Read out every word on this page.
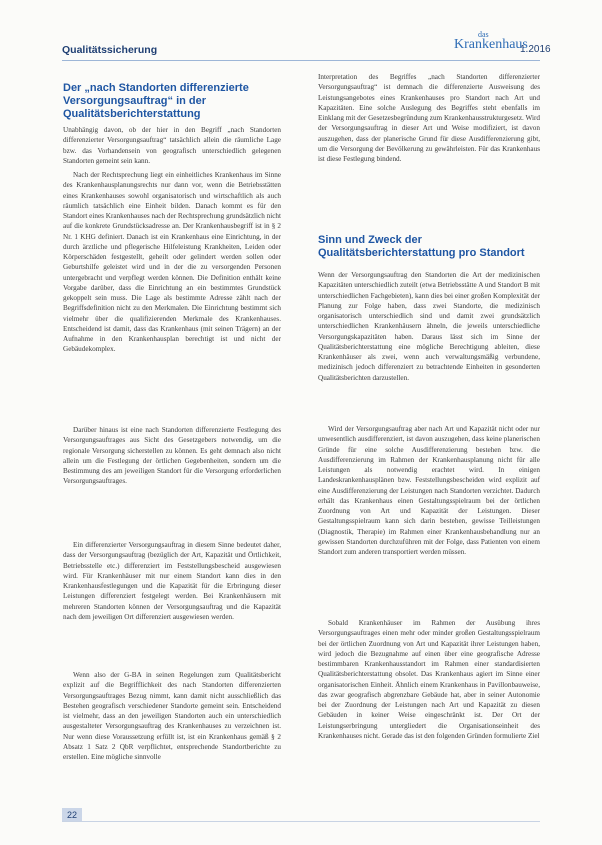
Qualitätssicherung
das
Krankenhaus
1.2016
Der „nach Standorten differenzierte Versorgungsauftrag“ in der Qualitätsberichterstattung

Unabhängig davon, ob der hier in den Begriff „nach Standorten differenzierter Versorgungsauftrag“ tatsächlich allein die räumliche Lage bzw. das Vorhandensein von geografisch unterschiedlich gelegenen Standorten gemeint sein kann.

Nach der Rechtsprechung liegt ein einheitliches Krankenhaus im Sinne des Krankenhausplanungsrechts nur dann vor, wenn die Betriebsstätten eines Krankenhauses sowohl organisatorisch und wirtschaftlich als auch räumlich tatsächlich eine Einheit bilden. Danach kommt es für den Standort eines Krankenhauses nach der Rechtsprechung grundsätzlich nicht auf die konkrete Grundstücksadresse an. Der Krankenhausbegriff ist in § 2 Nr. 1 KHG definiert. Danach ist ein Krankenhaus eine Einrichtung, in der durch ärztliche und pflegerische Hilfeleistung Krankheiten, Leiden oder Körperschäden festgestellt, geheilt oder gelindert werden sollen oder Geburtshilfe geleistet wird und in der die zu versorgenden Personen untergebracht und verpflegt werden können. Die Definition enthält keine Vorgabe darüber, dass die Einrichtung an ein bestimmtes Grundstück gekoppelt sein muss. Die Lage als bestimmte Adresse zählt nach der Begriffsdefinition nicht zu den Merkmalen. Die Einrichtung bestimmt sich vielmehr über die qualifizierenden Merkmale des Krankenhauses. Entscheidend ist damit, dass das Krankenhaus (mit seinen Trägern) an der Aufnahme in den Krankenhausplan berechtigt ist und nicht der Gebäudekomplex.

Darüber hinaus ist eine nach Standorten differenzierte Festlegung des Versorgungsauftrages aus Sicht des Gesetzgebers notwendig, um die regionale Versorgung sicherstellen zu können. Es geht demnach also nicht allein um die Festlegung der örtlichen Gegebenheiten, sondern um die Bestimmung des am jeweiligen Standort für die Versorgung erforderlichen Versorgungsauftrages.

Ein differenzierter Versorgungsauftrag in diesem Sinne bedeutet daher, dass der Versorgungsauftrag (bezüglich der Art, Kapazität und Örtlichkeit, Betriebsstelle etc.) differenziert im Feststellungsbescheid ausgewiesen wird. Für Krankenhäuser mit nur einem Standort kann dies in den Krankenhausfestlegungen und die Kapazität für die Erbringung dieser Leistungen differenziert festgelegt werden. Bei Krankenhäusern mit mehreren Standorten können der Versorgungsauftrag und die Kapazität nach dem jeweiligen Ort differenziert ausgewiesen werden.

Wenn also der G-BA in seinen Regelungen zum Qualitätsbericht explizit auf die Begrifflichkeit des nach Standorten differenzierten Versorgungsauftrages Bezug nimmt, kann damit nicht ausschließlich das Bestehen geografisch verschiedener Standorte gemeint sein. Entscheidend ist vielmehr, dass an den jeweiligen Standorten auch ein unterschiedlich ausgestalteter Versorgungsauftrag des Krankenhauses zu verzeichnen ist. Nur wenn diese Voraussetzung erfüllt ist, ist ein Krankenhaus gemäß § 2 Absatz 1 Satz 2 QbR verpflichtet, entsprechende Standortberichte zu erstellen. Eine mögliche sinnvolle

Interpretation des Begriffes „nach Standorten differenzierter Versorgungsauftrag“ ist demnach die differenzierte Ausweisung des Leistungsangebotes eines Krankenhauses pro Standort nach Art und Kapazitäten. Eine solche Auslegung des Begriffes steht ebenfalls im Einklang mit der Gesetzesbegründung zum Krankenhausstrukturgesetz. Wird der Versorgungsauftrag in dieser Art und Weise modifiziert, ist davon auszugehen, dass der planerische Grund für diese Ausdifferenzierung gibt, um die Versorgung der Bevölkerung zu gewährleisten. Für das Krankenhaus ist diese Festlegung bindend.

Sinn und Zweck der Qualitätsberichterstattung pro Standort

Wenn der Versorgungsauftrag den Standorten die Art der medizinischen Kapazitäten unterschiedlich zuteilt (etwa Betriebsstätte A und Standort B mit unterschiedlichen Fachgebieten), kann dies bei einer großen Komplexität der Planung zur Folge haben, dass zwei Standorte, die medizinisch organisatorisch unterschiedlich sind und damit zwei grundsätzlich unterschiedlichen Krankenhäusern ähneln, die jeweils unterschiedliche Versorgungskapazitäten haben. Daraus lässt sich im Sinne der Qualitätsberichterstattung eine mögliche Berechtigung ableiten, diese Krankenhäuser als zwei, wenn auch verwaltungsmäßig verbundene, medizinisch jedoch differenziert zu betrachtende Einheiten in gesonderten Qualitätsberichten darzustellen.

Wird der Versorgungsauftrag aber nach Art und Kapazität nicht oder nur unwesentlich ausdifferenziert, ist davon auszugehen, dass keine planerischen Gründe für eine solche Ausdifferenzierung bestehen bzw. die Ausdifferenzierung im Rahmen der Krankenhausplanung nicht für alle Leistungen als notwendig erachtet wird. In einigen Landeskrankenhausplänen bzw. Feststellungsbescheiden wird explizit auf eine Ausdifferenzierung der Leistungen nach Standorten verzichtet. Dadurch erhält das Krankenhaus einen Gestaltungsspielraum bei der örtlichen Zuordnung von Art und Kapazität der Leistungen. Dieser Gestaltungsspielraum kann sich darin bestehen, gewisse Teilleistungen (Diagnostik, Therapie) im Rahmen einer Krankenhausbehandlung nur an gewissen Standorten durchzuführen mit der Folge, dass Patienten von einem Standort zum anderen transportiert werden müssen.

Sobald Krankenhäuser im Rahmen der Ausübung ihres Versorgungsauftrages einen mehr oder minder großen Gestaltungsspielraum bei der örtlichen Zuordnung von Art und Kapazität ihrer Leistungen haben, wird jedoch die Bezugnahme auf einen über eine geografische Adresse bestimmbaren Krankenhausstandort im Rahmen einer standardisierten Qualitätsberichterstattung obsolet. Das Krankenhaus agiert im Sinne einer organisatorischen Einheit. Ähnlich einem Krankenhaus in Pavillonbauweise, das zwar geografisch abgrenzbare Gebäude hat, aber in seiner Autonomie bei der Zuordnung der Leistungen nach Art und Kapazität zu diesen Gebäuden in keiner Weise eingeschränkt ist. Der Ort der Leistungserbringung untergliedert die Organisationseinheit des Krankenhauses nicht. Gerade das ist den folgenden Gründen formulierte Ziel

22
